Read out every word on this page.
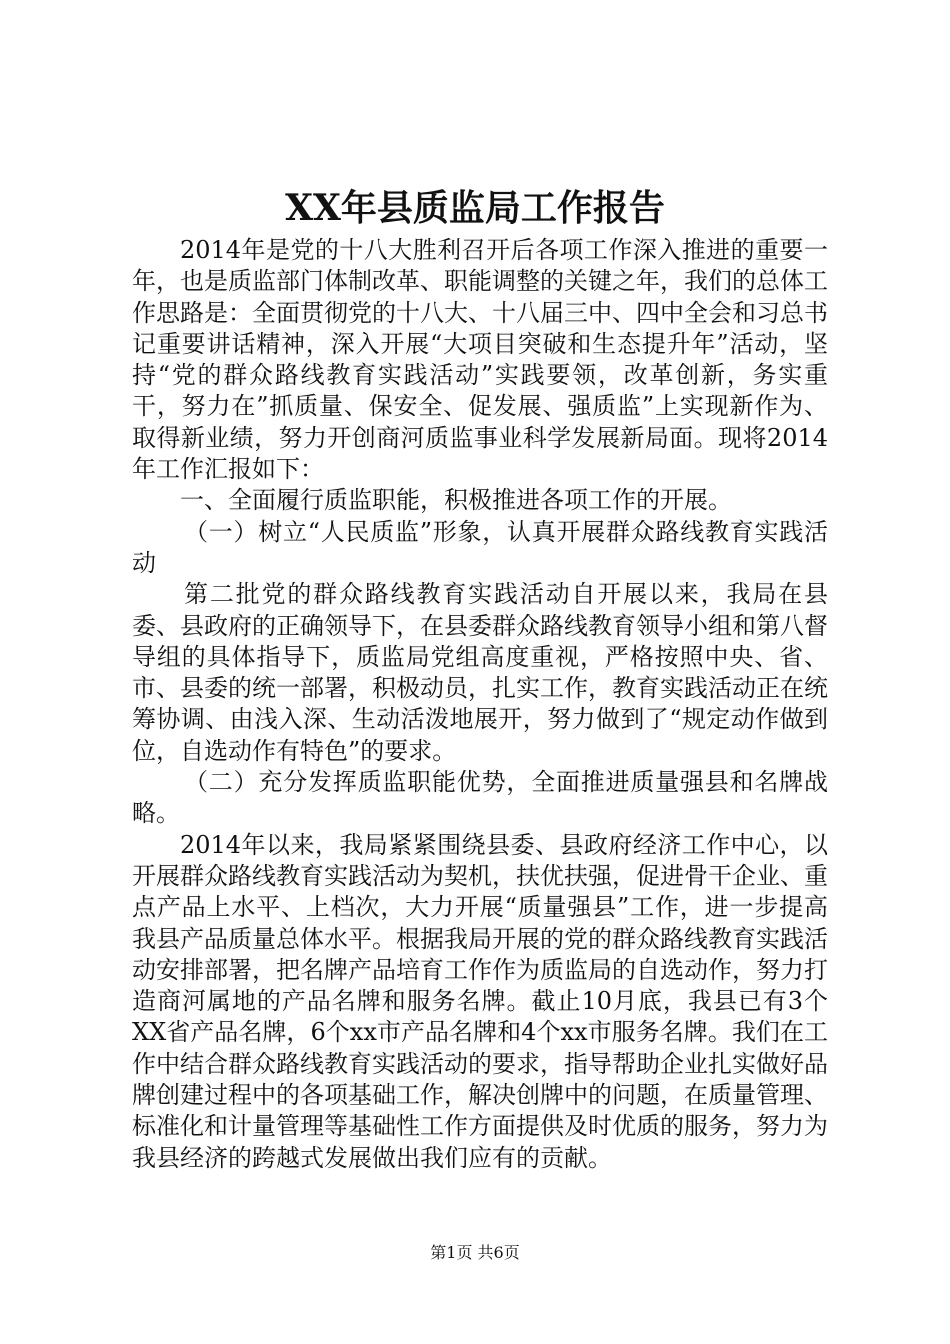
XX年县质监局工作报告

2014年是党的十八大胜利召开后各项工作深入推进的重要一年，也是质监部门体制改革、职能调整的关键之年，我们的总体工作思路是：全面贯彻党的十八大、十八届三中、四中全会和习总书记重要讲话精神，深入开展“大项目突破和生态提升年”活动，坚持“党的群众路线教育实践活动”实践要领，改革创新，务实重干，努力在”抓质量、保安全、促发展、强质监”上实现新作为、取得新业绩，努力开创商河质监事业科学发展新局面。现将2014年工作汇报如下：

一、全面履行质监职能，积极推进各项工作的开展。

（一）树立“人民质监”形象，认真开展群众路线教育实践活动

第二批党的群众路线教育实践活动自开展以来，我局在县委、县政府的正确领导下，在县委群众路线教育领导小组和第八督导组的具体指导下，质监局党组高度重视，严格按照中央、省、市、县委的统一部署，积极动员，扎实工作，教育实践活动正在统筹协调、由浅入深、生动活泼地展开，努力做到了“规定动作做到位，自选动作有特色”的要求。

（二）充分发挥质监职能优势，全面推进质量强县和名牌战略。

2014年以来，我局紧紧围绕县委、县政府经济工作中心，以开展群众路线教育实践活动为契机，扶优扶强，促进骨干企业、重点产品上水平、上档次，大力开展“质量强县”工作，进一步提高我县产品质量总体水平。根据我局开展的党的群众路线教育实践活动安排部署，把名牌产品培育工作作为质监局的自选动作，努力打造商河属地的产品名牌和服务名牌。截止10月底，我县已有3个XX省产品名牌，6个xx市产品名牌和4个xx市服务名牌。我们在工作中结合群众路线教育实践活动的要求，指导帮助企业扎实做好品牌创建过程中的各项基础工作，解决创牌中的问题，在质量管理、标准化和计量管理等基础性工作方面提供及时优质的服务，努力为我县经济的跨越式发展做出我们应有的贡献。

第1页 共6页
